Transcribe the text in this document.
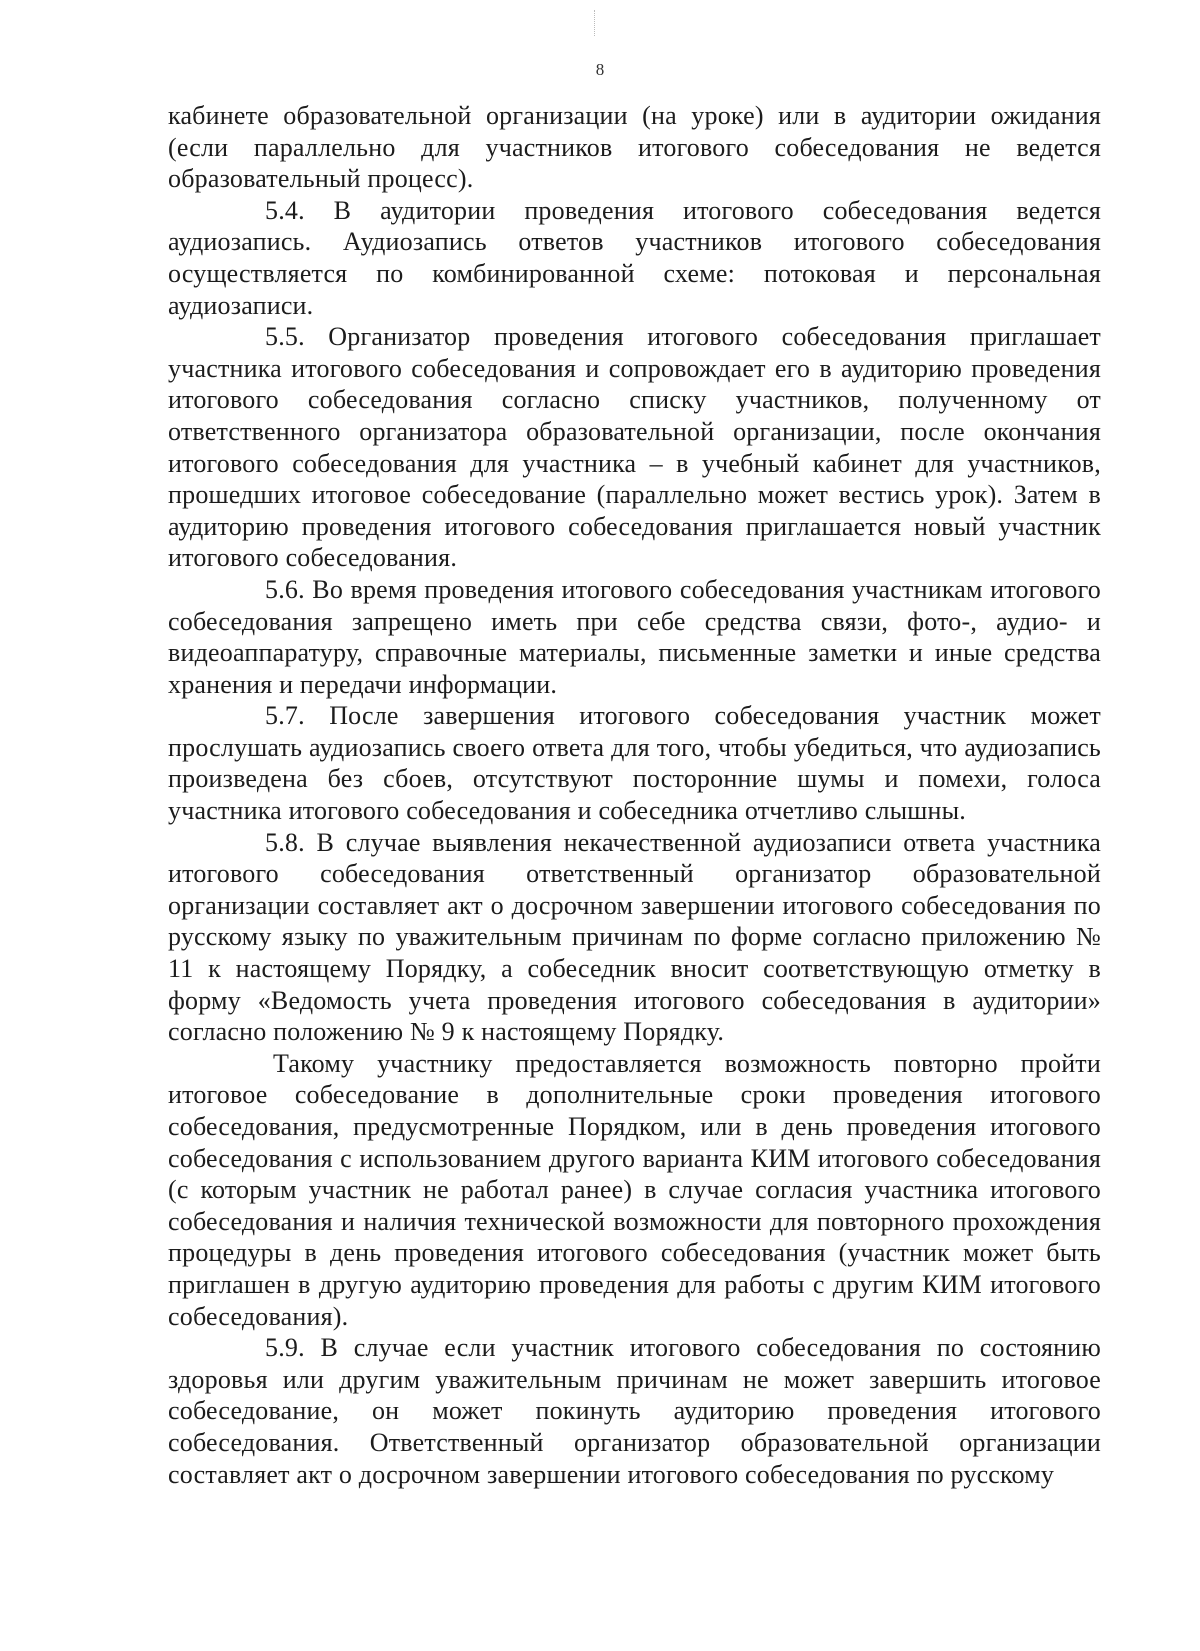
8

кабинете образовательной организации (на уроке) или в аудитории ожидания (если параллельно для участников итогового собеседования не ведется образовательный процесс).

5.4. В аудитории проведения итогового собеседования ведется аудиозапись. Аудиозапись ответов участников итогового собеседования осуществляется по комбинированной схеме: потоковая и персональная аудиозаписи.

5.5. Организатор проведения итогового собеседования приглашает участника итогового собеседования и сопровождает его в аудиторию проведения итогового собеседования согласно списку участников, полученному от ответственного организатора образовательной организации, после окончания итогового собеседования для участника – в учебный кабинет для участников, прошедших итоговое собеседование (параллельно может вестись урок). Затем в аудиторию проведения итогового собеседования приглашается новый участник итогового собеседования.

5.6. Во время проведения итогового собеседования участникам итогового собеседования запрещено иметь при себе средства связи, фото-, аудио- и видеоаппаратуру, справочные материалы, письменные заметки и иные средства хранения и передачи информации.

5.7. После завершения итогового собеседования участник может прослушать аудиозапись своего ответа для того, чтобы убедиться, что аудиозапись произведена без сбоев, отсутствуют посторонние шумы и помехи, голоса участника итогового собеседования и собеседника отчетливо слышны.

5.8. В случае выявления некачественной аудиозаписи ответа участника итогового собеседования ответственный организатор образовательной организации составляет акт о досрочном завершении итогового собеседования по русскому языку по уважительным причинам по форме согласно приложению № 11 к настоящему Порядку, а собеседник вносит соответствующую отметку в форму «Ведомость учета проведения итогового собеседования в аудитории» согласно положению № 9 к настоящему Порядку.

Такому участнику предоставляется возможность повторно пройти итоговое собеседование в дополнительные сроки проведения итогового собеседования, предусмотренные Порядком, или в день проведения итогового собеседования с использованием другого варианта КИМ итогового собеседования (с которым участник не работал ранее) в случае согласия участника итогового собеседования и наличия технической возможности для повторного прохождения процедуры в день проведения итогового собеседования (участник может быть приглашен в другую аудиторию проведения для работы с другим КИМ итогового собеседования).

5.9. В случае если участник итогового собеседования по состоянию здоровья или другим уважительным причинам не может завершить итоговое собеседование, он может покинуть аудиторию проведения итогового собеседования. Ответственный организатор образовательной организации составляет акт о досрочном завершении итогового собеседования по русскому
